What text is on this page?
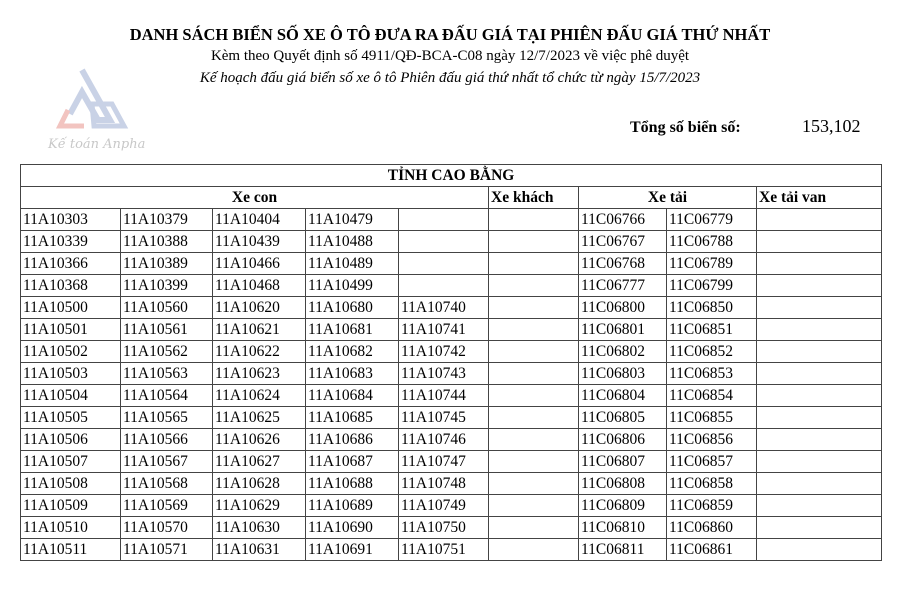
DANH SÁCH BIỂN SỐ XE Ô TÔ ĐƯA RA ĐẤU GIÁ TẠI PHIÊN ĐẤU GIÁ THỨ NHẤT
Kèm theo Quyết định số 4911/QĐ-BCA-C08 ngày 12/7/2023 về việc phê duyệt
Kế hoạch đấu giá biển số xe ô tô Phiên đấu giá thứ nhất tổ chức từ ngày 15/7/2023
Kế toán Anpha
Tổng số biển số:	153,102
TỈNH CAO BẰNG								
Xe con					Xe khách	Xe tải		Xe tải van
11A10303	11A10379	11A10404	11A10479			11C06766	11C06779	
11A10339	11A10388	11A10439	11A10488			11C06767	11C06788	
11A10366	11A10389	11A10466	11A10489			11C06768	11C06789	
11A10368	11A10399	11A10468	11A10499			11C06777	11C06799	
11A10500	11A10560	11A10620	11A10680	11A10740		11C06800	11C06850	
11A10501	11A10561	11A10621	11A10681	11A10741		11C06801	11C06851	
11A10502	11A10562	11A10622	11A10682	11A10742		11C06802	11C06852	
11A10503	11A10563	11A10623	11A10683	11A10743		11C06803	11C06853	
11A10504	11A10564	11A10624	11A10684	11A10744		11C06804	11C06854	
11A10505	11A10565	11A10625	11A10685	11A10745		11C06805	11C06855	
11A10506	11A10566	11A10626	11A10686	11A10746		11C06806	11C06856	
11A10507	11A10567	11A10627	11A10687	11A10747		11C06807	11C06857	
11A10508	11A10568	11A10628	11A10688	11A10748		11C06808	11C06858	
11A10509	11A10569	11A10629	11A10689	11A10749		11C06809	11C06859	
11A10510	11A10570	11A10630	11A10690	11A10750		11C06810	11C06860	
11A10511	11A10571	11A10631	11A10691	11A10751		11C06811	11C06861	
